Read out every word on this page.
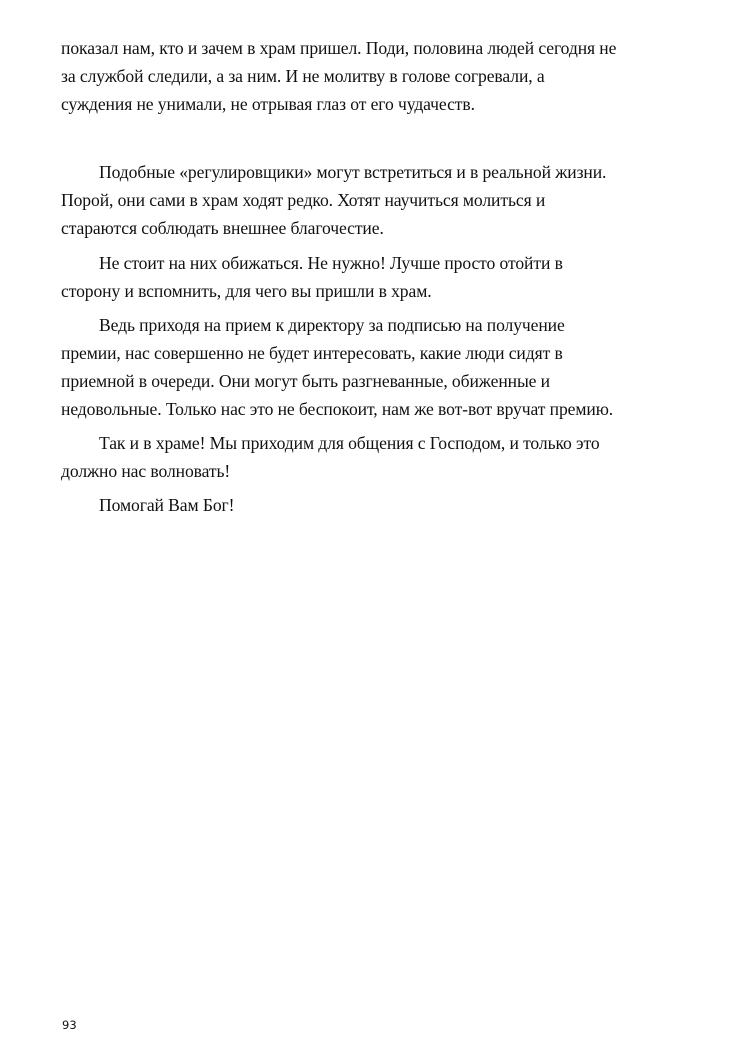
показал нам, кто и зачем в храм пришел. Поди, половина людей сегодня не
за службой следили, а за ним. И не молитву в голове согревали, а
суждения не унимали, не отрывая глаз от его чудачеств.
Подобные «регулировщики» могут встретиться и в реальной жизни.
Порой, они сами в храм ходят редко. Хотят научиться молиться и
стараются соблюдать внешнее благочестие.
Не стоит на них обижаться. Не нужно! Лучше просто отойти в
сторону и вспомнить, для чего вы пришли в храм.
Ведь приходя на прием к директору за подписью на получение
премии, нас совершенно не будет интересовать, какие люди сидят в
приемной в очереди. Они могут быть разгневанные, обиженные и
недовольные. Только нас это не беспокоит, нам же вот-вот вручат премию.
Так и в храме! Мы приходим для общения с Господом, и только это
должно нас волновать!
Помогай Вам Бог!
93
